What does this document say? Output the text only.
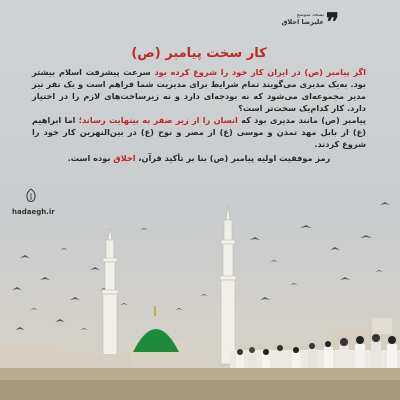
❞
نسخه متوسع
علیرضا اخلاق
کار سخت پیامبر (ص)

اگر پیامبر (ص) در ایران کار خود را شروع کرده بود سرعت پیشرفت اسلام بیشتر بود. به‌یک مدیری می‌گویند تمام شرایط برای مدیریت شما فراهم است و یک نفر نیز مدیر مجموعه‌ای می‌شود که نه بودجه‌ای دارد و نه زیرساخت‌های لازم را در اختیار دارد. کار کدام‌یک سخت‌تر است؟

پیامبر (ص) مانند مدیری بود که انسان را از زیر صفر به بینهایت رساند؛ اما ابراهیم (ع) از بابل مهد تمدن و موسی (ع) از مصر و نوح (ع) در بین‌النهرین کار خود را شروع کردند.

رمز موفقیت اولیه پیامبر (ص) بنا بر تأکید قرآن، اخلاق بوده است.

hadaegh.ir
